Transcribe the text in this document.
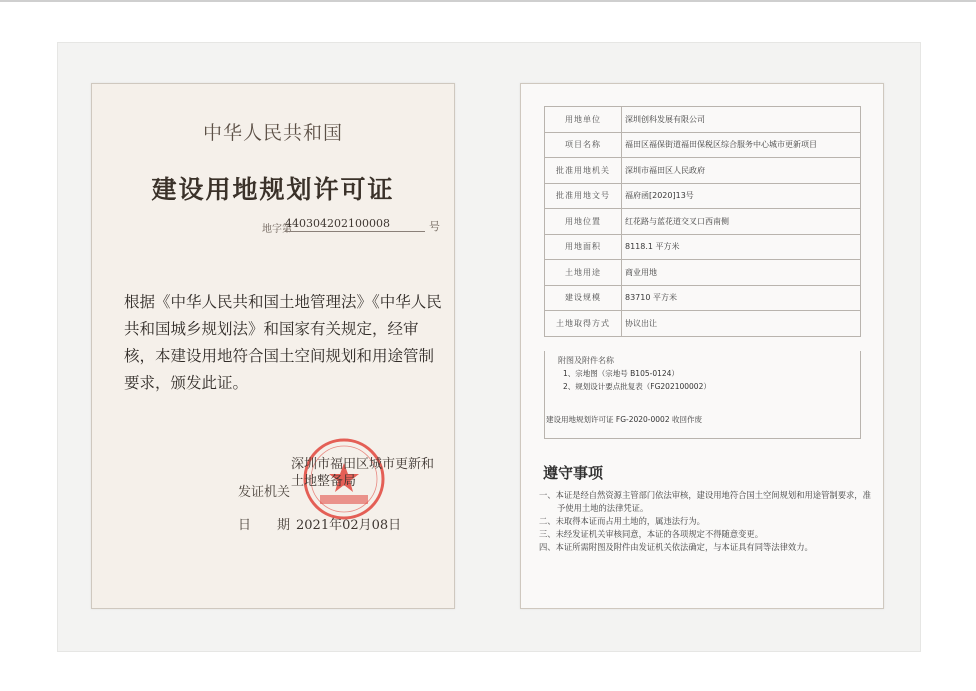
中华人民共和国
建设用地规划许可证
地字第
440304202100008	号
根据《中华人民共和国土地管理法》《中华人民共和国城乡规划法》和国家有关规定，经审核，本建设用地符合国土空间规划和用途管制要求，颁发此证。
发证机关
深圳市福田区城市更新和土地整备局
日期
2021年02月08日
用地单位	深圳创科发展有限公司
项目名称	福田区福保街道福田保税区综合服务中心城市更新项目
批准用地机关	深圳市福田区人民政府
批准用地文号	福府函[2020]13号
用地位置	红花路与蓝花道交叉口西南侧
用地面积	8118.1 平方米
土地用途	商业用地
建设规模	83710 平方米
土地取得方式	协议出让
附图及附件名称
1、宗地图（宗地号 B105-0124）
2、规划设计要点批复表（FG202100002）
建设用地规划许可证 FG-2020-0002 收回作废
遵守事项
一、本证是经自然资源主管部门依法审核，建设用地符合国土空间规划和用途管制要求，准予使用土地的法律凭证。
二、未取得本证而占用土地的，属违法行为。
三、未经发证机关审核同意，本证的各项规定不得随意变更。
四、本证所需附图及附件由发证机关依法确定，与本证具有同等法律效力。
